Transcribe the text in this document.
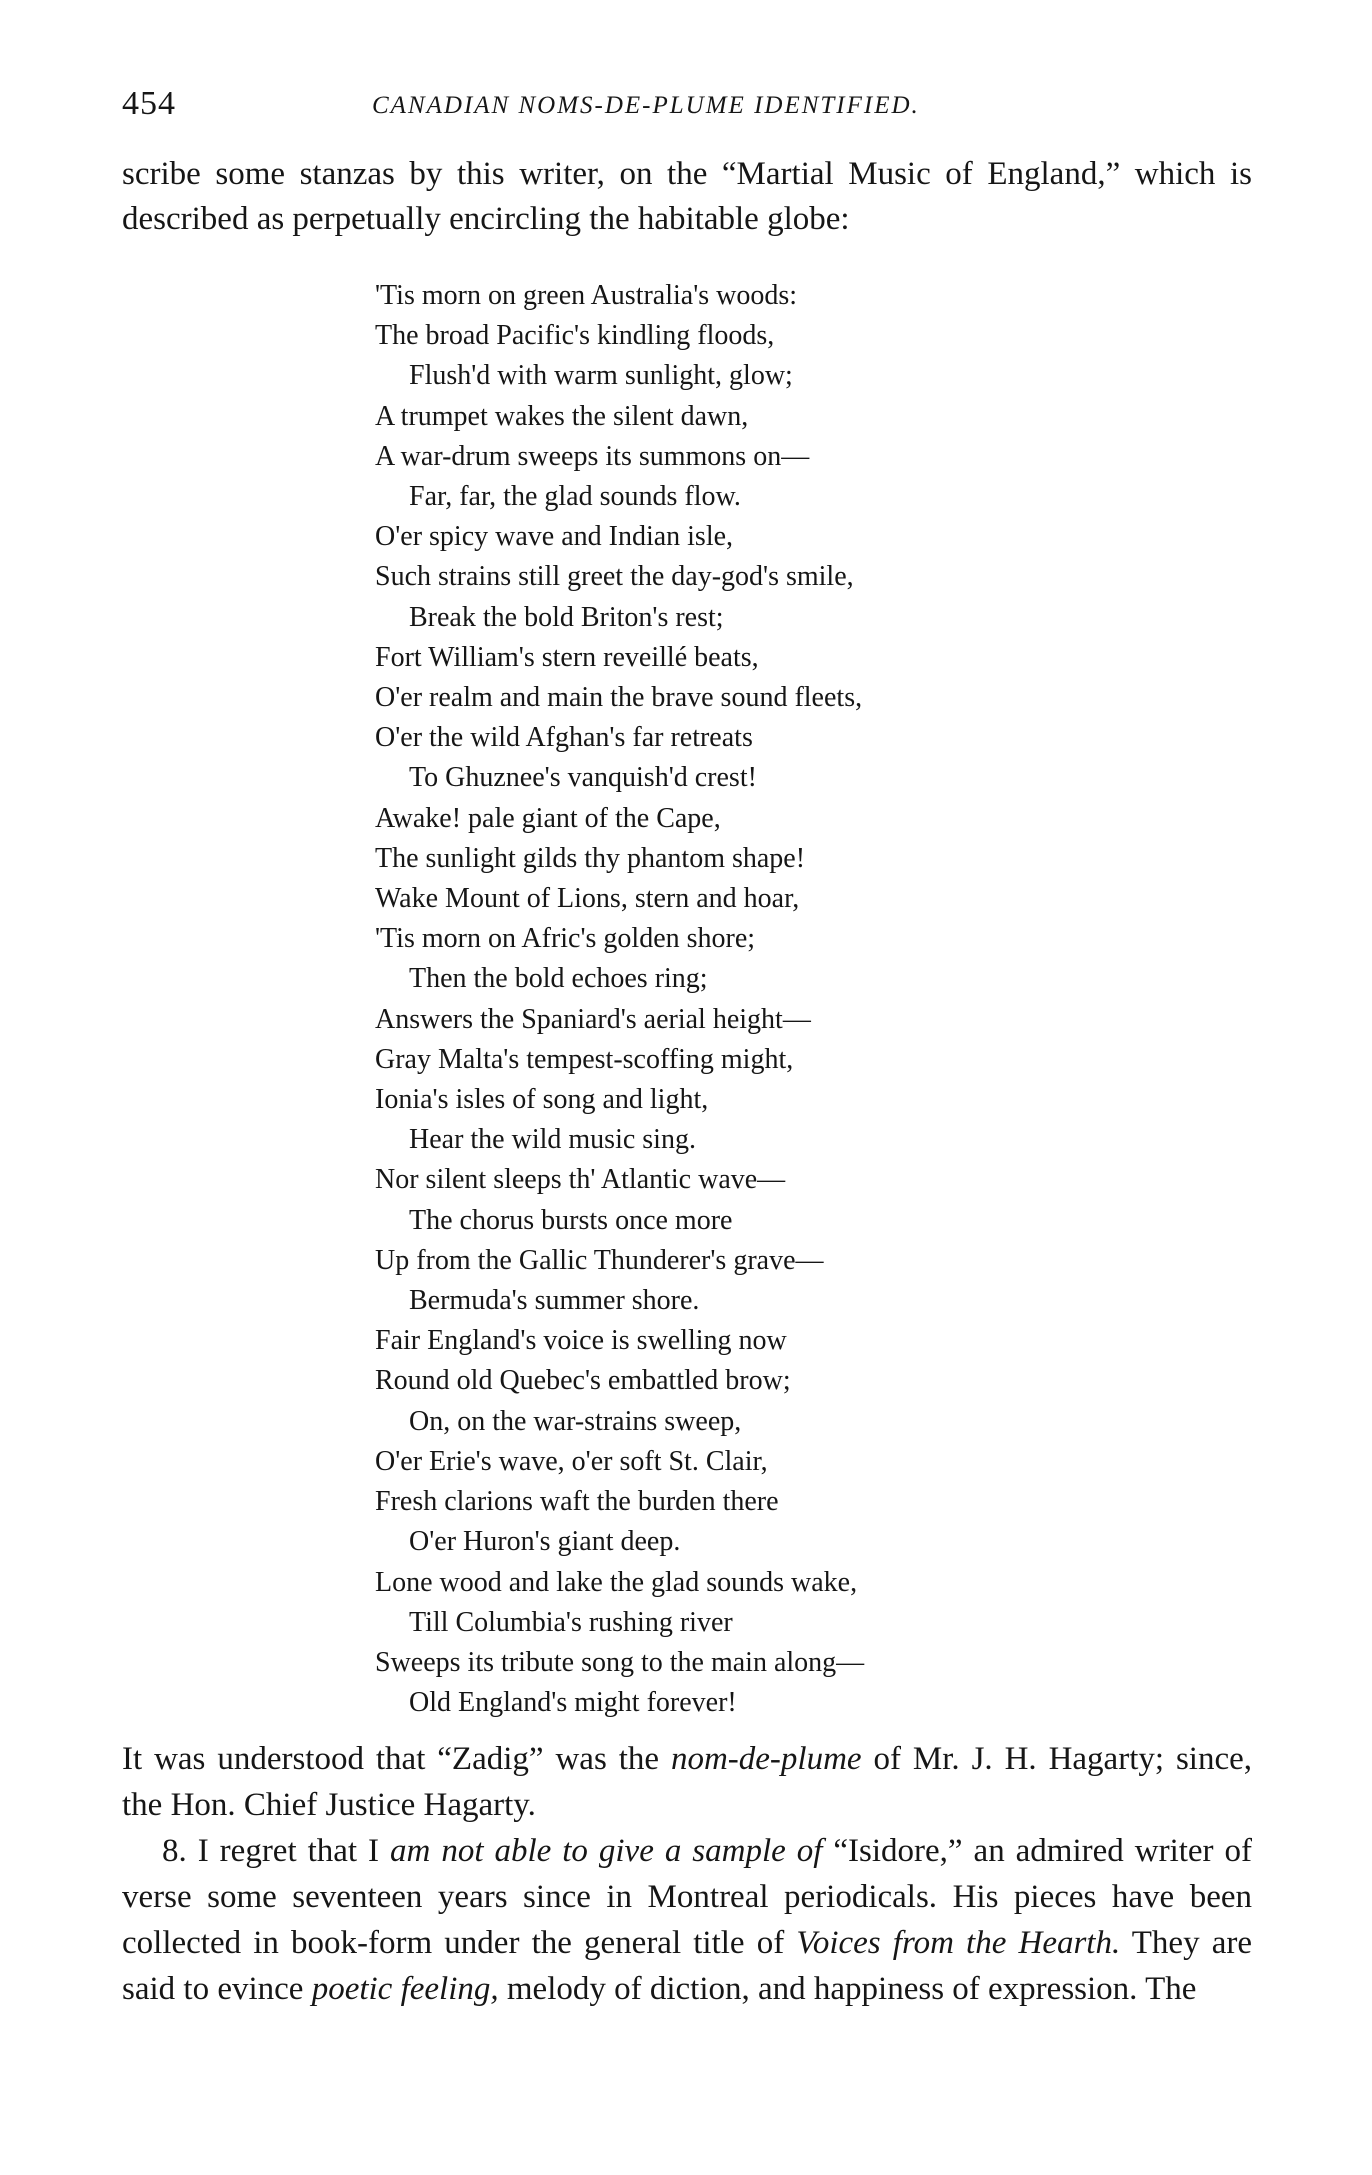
454	CANADIAN NOMS-DE-PLUME IDENTIFIED.

scribe some stanzas by this writer, on the “Martial Music of England,” which is described as perpetually encircling the habitable globe:

'Tis morn on green Australia's woods:
The broad Pacific's kindling floods,
Flush'd with warm sunlight, glow;
A trumpet wakes the silent dawn,
A war-drum sweeps its summons on—
Far, far, the glad sounds flow.
O'er spicy wave and Indian isle,
Such strains still greet the day-god's smile,
Break the bold Briton's rest;
Fort William's stern reveillé beats,
O'er realm and main the brave sound fleets,
O'er the wild Afghan's far retreats
To Ghuznee's vanquish'd crest!
Awake! pale giant of the Cape,
The sunlight gilds thy phantom shape!
Wake Mount of Lions, stern and hoar,
'Tis morn on Afric's golden shore;
Then the bold echoes ring;
Answers the Spaniard's aerial height—
Gray Malta's tempest-scoffing might,
Ionia's isles of song and light,
Hear the wild music sing.
Nor silent sleeps th' Atlantic wave—
The chorus bursts once more
Up from the Gallic Thunderer's grave—
Bermuda's summer shore.
Fair England's voice is swelling now
Round old Quebec's embattled brow;
On, on the war-strains sweep,
O'er Erie's wave, o'er soft St. Clair,
Fresh clarions waft the burden there
O'er Huron's giant deep.
Lone wood and lake the glad sounds wake,
Till Columbia's rushing river
Sweeps its tribute song to the main along—
Old England's might forever!

It was understood that “Zadig” was the nom-de-plume of Mr. J. H. Hagarty; since, the Hon. Chief Justice Hagarty.

8. I regret that I am not able to give a sample of “Isidore,” an admired writer of verse some seventeen years since in Montreal periodicals. His pieces have been collected in book-form under the general title of Voices from the Hearth. They are said to evince poetic feeling, melody of diction, and happiness of expression. The
